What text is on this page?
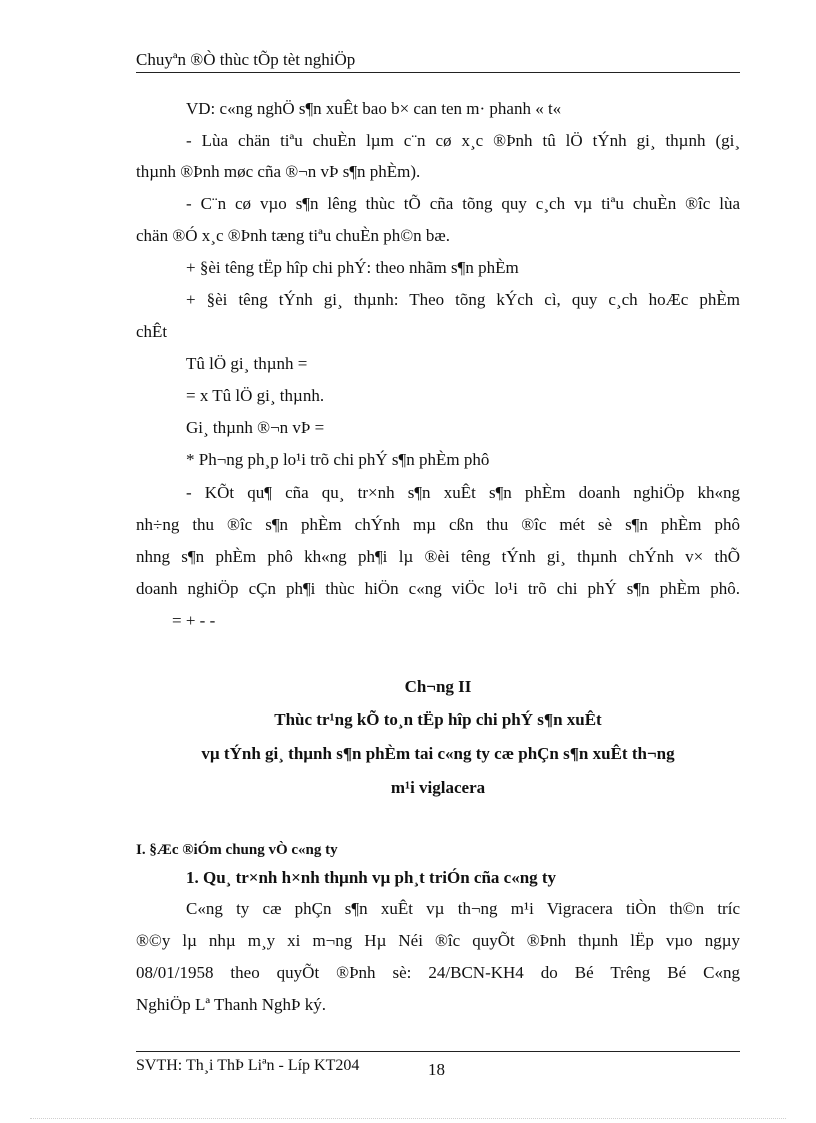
Chuyªn ®Ò thùc tÕp tèt nghiÖp
VD: c«ng nghÖ s¶n xuÊt bao b× can ten m· phanh « t«
- Lùa chän tiªu chuÈn lµm c¨n cø x¸c ®Þnh tû lÖ tÝnh gi¸ thµnh (gi¸
thµnh ®Þnh møc cña ®¬n vÞ s¶n phÈm).
- C¨n cø vµo s¶n lêng thùc tÕ cña tõng quy c¸ch vµ tiªu chuÈn ®îc lùa
chän ®Ó x¸c ®Þnh tæng tiªu chuÈn ph©n bæ.
+ §èi têng tËp hîp chi phÝ: theo nhãm s¶n phÈm
+ §èi têng tÝnh gi¸ thµnh: Theo tõng kÝch cì, quy c¸ch hoÆc phÈm
chÊt
Tû lÖ gi¸ thµnh =
= x Tû lÖ gi¸ thµnh.
Gi¸ thµnh ®¬n vÞ =
* Ph¬ng ph¸p lo¹i trõ chi phÝ s¶n phÈm phô
- KÕt qu¶ cña qu¸ tr×nh s¶n xuÊt s¶n phÈm doanh nghiÖp kh«ng
nh÷ng thu ®îc s¶n phÈm chÝnh mµ cßn thu ®îc mét sè s¶n phÈm phô
nhng s¶n phÈm phô kh«ng ph¶i lµ ®èi têng tÝnh gi¸ thµnh chÝnh v× thÕ
doanh nghiÖp cÇn ph¶i thùc hiÖn c«ng viÖc lo¹i trõ chi phÝ s¶n phÈm phô.
= + - -
Ch¬ng II
Thùc tr¹ng kÕ to¸n tËp hîp chi phÝ s¶n xuÊt
vµ tÝnh gi¸ thµnh s¶n phÈm tai c«ng ty cæ phÇn s¶n xuÊt th¬ng
m¹i viglacera
I. §Æc ®iÓm chung vÒ c«ng ty
1. Qu¸ tr×nh h×nh thµnh vµ ph¸t triÓn cña c«ng ty
C«ng ty cæ phÇn s¶n xuÊt vµ th¬ng m¹i Vigracera tiÒn th©n tríc
®©y lµ nhµ m¸y xi m¬ng Hµ Néi ®îc quyÕt ®Þnh thµnh lËp vµo ngµy
08/01/1958 theo quyÕt ®Þnh sè: 24/BCN-KH4 do Bé Trêng Bé C«ng
NghiÖp Lª Thanh NghÞ ký.
SVTH: Th¸i ThÞ Liªn - Líp KT204	18
